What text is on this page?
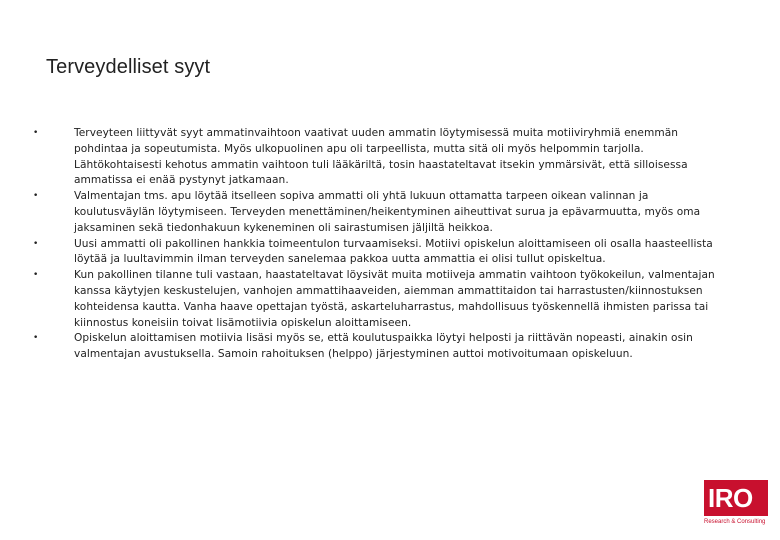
Terveydelliset syyt
• Terveyteen liittyvät syyt ammatinvaihtoon vaativat uuden ammatin löytymisessä muita motiiviryhmiä enemmän pohdintaa ja sopeutumista. Myös ulkopuolinen apu oli tarpeellista, mutta sitä oli myös helpommin tarjolla. Lähtökohtaisesti kehotus ammatin vaihtoon tuli lääkäriltä, tosin haastateltavat itsekin ymmärsivät, että silloisessa ammatissa ei enää pystynyt jatkamaan.
• Valmentajan tms. apu löytää itselleen sopiva ammatti oli yhtä lukuun ottamatta tarpeen oikean valinnan ja koulutusväylän löytymiseen. Terveyden menettäminen/heikentyminen aiheuttivat surua ja epävarmuutta, myös oma jaksaminen sekä tiedonhakuun kykeneminen oli sairastumisen jäljiltä heikkoa.
• Uusi ammatti oli pakollinen hankkia toimeentulon turvaamiseksi. Motiivi opiskelun aloittamiseen oli osalla haasteellista löytää ja luultavimmin ilman terveyden sanelemaa pakkoa uutta ammattia ei olisi tullut opiskeltua.
• Kun pakollinen tilanne tuli vastaan, haastateltavat löysivät muita motiiveja ammatin vaihtoon työkokeilun, valmentajan kanssa käytyjen keskustelujen, vanhojen ammattihaaveiden, aiemman ammattitaidon tai harrastusten/kiinnostuksen kohteidensa kautta. Vanha haave opettajan työstä, askarteluharrastus, mahdollisuus työskennellä ihmisten parissa tai kiinnostus koneisiin toivat lisämotiivia opiskelun aloittamiseen.
• Opiskelun aloittamisen motiivia lisäsi myös se, että koulutuspaikka löytyi helposti ja riittävän nopeasti, ainakin osin valmentajan avustuksella. Samoin rahoituksen (helppo) järjestyminen auttoi motivoitumaan opiskeluun.
IRO
Research & Consulting
